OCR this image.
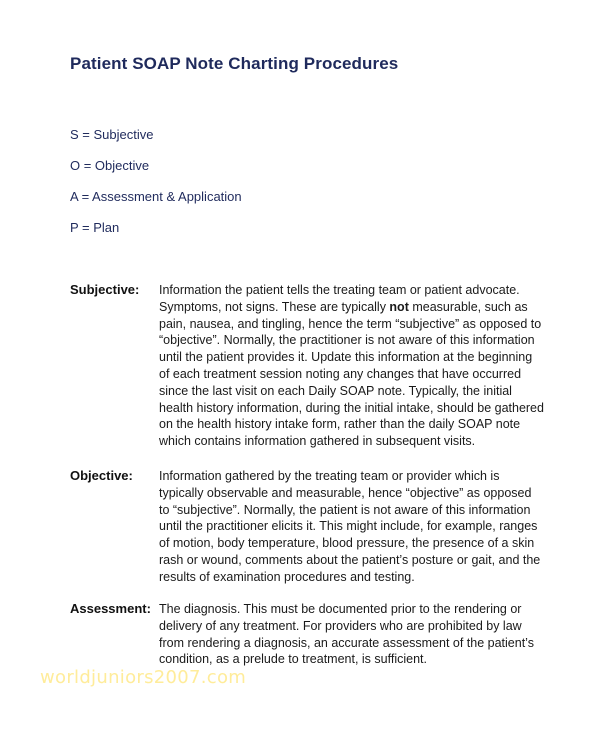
Patient SOAP Note Charting Procedures
S = Subjective
O = Objective
A = Assessment & Application
P = Plan
Subjective: Information the patient tells the treating team or patient advocate. Symptoms, not signs. These are typically not measurable, such as pain, nausea, and tingling, hence the term “subjective” as opposed to “objective”. Normally, the practitioner is not aware of this information until the patient provides it. Update this information at the beginning of each treatment session noting any changes that have occurred since the last visit on each Daily SOAP note. Typically, the initial health history information, during the initial intake, should be gathered on the health history intake form, rather than the daily SOAP note which contains information gathered in subsequent visits.
Objective: Information gathered by the treating team or provider which is typically observable and measurable, hence “objective” as opposed to “subjective”. Normally, the patient is not aware of this information until the practitioner elicits it. This might include, for example, ranges of motion, body temperature, blood pressure, the presence of a skin rash or wound, comments about the patient’s posture or gait, and the results of examination procedures and testing.
Assessment: The diagnosis. This must be documented prior to the rendering or delivery of any treatment. For providers who are prohibited by law from rendering a diagnosis, an accurate assessment of the patient’s condition, as a prelude to treatment, is sufficient.
worldjuniors2007.com
